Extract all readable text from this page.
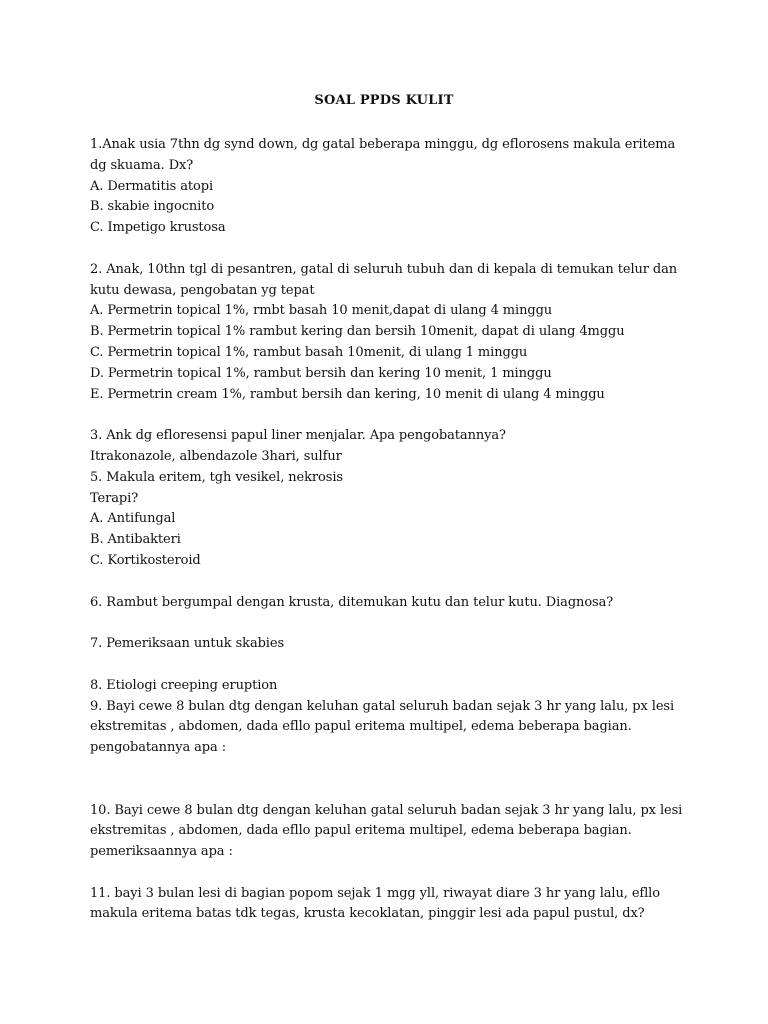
SOAL PPDS KULIT
1.Anak usia 7thn dg synd down, dg gatal beberapa minggu, dg eflorosens makula eritema
dg skuama. Dx?
A. Dermatitis atopi
B. skabie ingocnito
C. Impetigo krustosa
2. Anak, 10thn tgl di pesantren, gatal di seluruh tubuh dan di kepala di temukan telur dan
kutu dewasa, pengobatan yg tepat
A. Permetrin topical 1%, rmbt basah 10 menit,dapat di ulang 4 minggu
B. Permetrin topical 1% rambut kering dan bersih 10menit, dapat di ulang 4mggu
C. Permetrin topical 1%, rambut basah 10menit, di ulang 1 minggu
D. Permetrin topical 1%, rambut bersih dan kering 10 menit, 1 minggu
E. Permetrin cream 1%, rambut bersih dan kering, 10 menit di ulang 4 minggu
3. Ank dg efloresensi papul liner menjalar. Apa pengobatannya?
Itrakonazole, albendazole 3hari, sulfur
5. Makula eritem, tgh vesikel, nekrosis
Terapi?
A. Antifungal
B. Antibakteri
C. Kortikosteroid
6. Rambut bergumpal dengan krusta, ditemukan kutu dan telur kutu. Diagnosa?
7. Pemeriksaan untuk skabies
8. Etiologi creeping eruption
9. Bayi cewe 8 bulan dtg dengan keluhan gatal seluruh badan sejak 3 hr yang lalu, px lesi
ekstremitas , abdomen, dada efllo papul eritema multipel, edema beberapa bagian.
pengobatannya apa :
10. Bayi cewe 8 bulan dtg dengan keluhan gatal seluruh badan sejak 3 hr yang lalu, px lesi
ekstremitas , abdomen, dada efllo papul eritema multipel, edema beberapa bagian.
pemeriksaannya apa :
11. bayi 3 bulan lesi di bagian popom sejak 1 mgg yll, riwayat diare 3 hr yang lalu, efllo
makula eritema batas tdk tegas, krusta kecoklatan, pinggir lesi ada papul pustul, dx?
